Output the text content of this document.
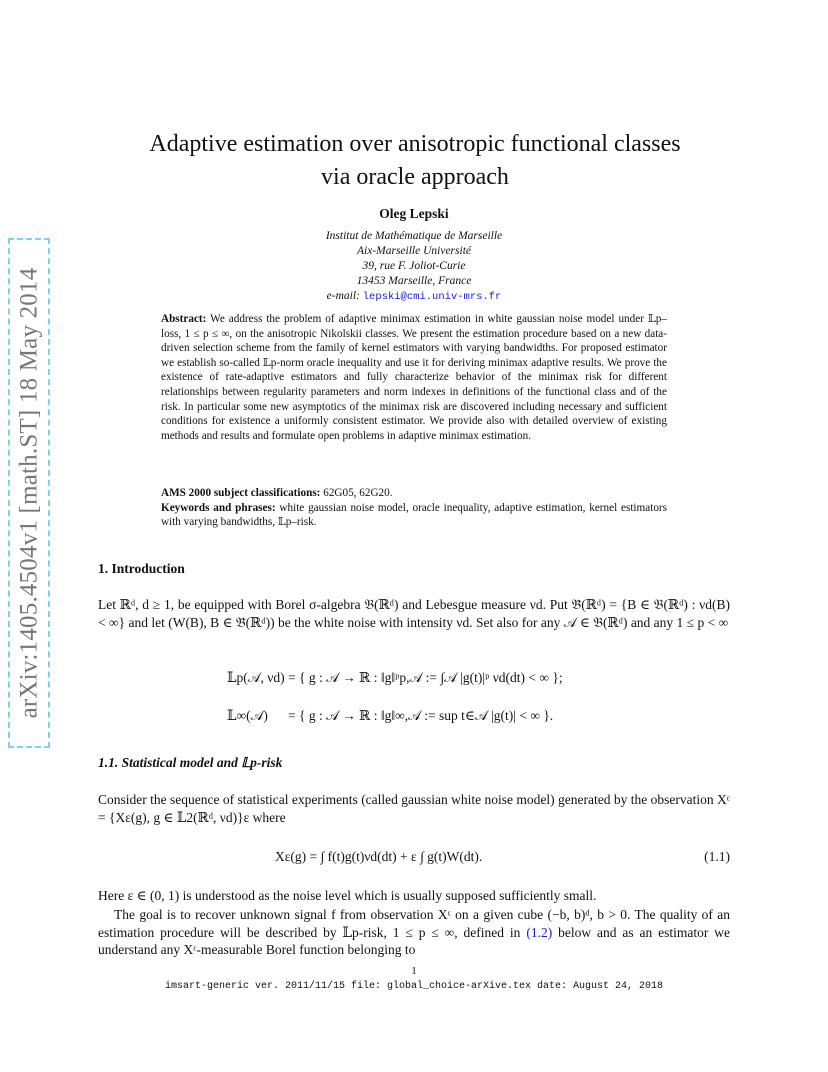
arXiv:1405.4504v1 [math.ST] 18 May 2014
Adaptive estimation over anisotropic functional classes
via oracle approach
Oleg Lepski
Institut de Mathématique de Marseille
Aix-Marseille Université
39, rue F. Joliot-Curie
13453 Marseille, France
e-mail: lepski@cmi.univ-mrs.fr

Abstract: We address the problem of adaptive minimax estimation in white gaussian noise model under 𝕃p–loss, 1 ≤ p ≤ ∞, on the anisotropic Nikolskii classes. We present the estimation procedure based on a new data-driven selection scheme from the family of kernel estimators with varying bandwidths. For proposed estimator we establish so-called 𝕃p-norm oracle inequality and use it for deriving minimax adaptive results. We prove the existence of rate-adaptive estimators and fully characterize behavior of the minimax risk for different relationships between regularity parameters and norm indexes in definitions of the functional class and of the risk. In particular some new asymptotics of the minimax risk are discovered including necessary and sufficient conditions for existence a uniformly consistent estimator. We provide also with detailed overview of existing methods and results and formulate open problems in adaptive minimax estimation.

AMS 2000 subject classifications: 62G05, 62G20.
Keywords and phrases: white gaussian noise model, oracle inequality, adaptive estimation, kernel estimators with varying bandwidths, 𝕃p–risk.
1. Introduction

Let ℝᵈ, d ≥ 1, be equipped with Borel σ-algebra 𝔅(ℝᵈ) and Lebesgue measure νd. Put 𝔅̃(ℝᵈ) = {B ∈ 𝔅(ℝᵈ) : νd(B) < ∞} and let (W(B), B ∈ 𝔅̃(ℝᵈ)) be the white noise with intensity νd. Set also for any 𝒜 ∈ 𝔅(ℝᵈ) and any 1 ≤ p < ∞

𝕃p(𝒜, νd) = { g : 𝒜 → ℝ : ‖g‖ᵖp,𝒜 := ∫𝒜 |g(t)|ᵖ νd(dt) < ∞ };
𝕃∞(𝒜) = { g : 𝒜 → ℝ : ‖g‖∞,𝒜 := sup t∈𝒜 |g(t)| < ∞ }.
1.1. Statistical model and 𝕃p-risk

Consider the sequence of statistical experiments (called gaussian white noise model) generated by the observation Xᵋ = {Xε(g), g ∈ 𝕃2(ℝᵈ, νd)}ε where

Xε(g) = ∫ f(t)g(t)νd(dt) + ε ∫ g(t)W(dt).	(1.1)

Here ε ∈ (0, 1) is understood as the noise level which is usually supposed sufficiently small.

The goal is to recover unknown signal f from observation Xᵋ on a given cube (−b, b)ᵈ, b > 0. The quality of an estimation procedure will be described by 𝕃p-risk, 1 ≤ p ≤ ∞, defined in (1.2) below and as an estimator we understand any Xᵋ-measurable Borel function belonging to

1
imsart-generic ver. 2011/11/15 file: global_choice-arXive.tex date: August 24, 2018
